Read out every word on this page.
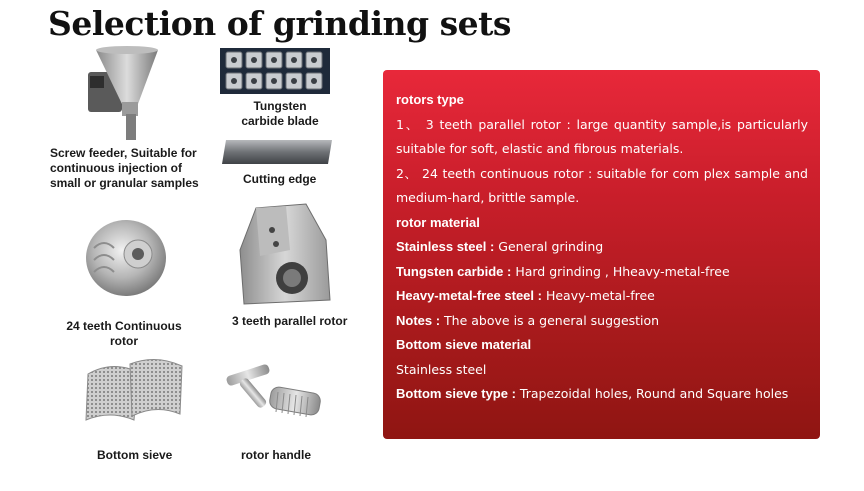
Selection of grinding sets
Screw feeder, Suitable for continuous injection of small or granular samples
Tungsten carbide blade
Cutting edge
24 teeth Continuous rotor
3 teeth parallel rotor
Bottom sieve	rotor handle
rotors type
1、 3 teeth parallel rotor : large quantity sample,is particularly suitable for soft, elastic and fibrous materials.
2、 24 teeth continuous rotor : suitable for com plex sample and medium-hard, brittle sample.
rotor material
Stainless steel : General grinding
Tungsten carbide : Hard grinding , Hheavy-metal-free
Heavy-metal-free steel : Heavy-metal-free
Notes : The above is a general suggestion
Bottom sieve material
Stainless steel
Bottom sieve type : Trapezoidal holes, Round and Square holes
